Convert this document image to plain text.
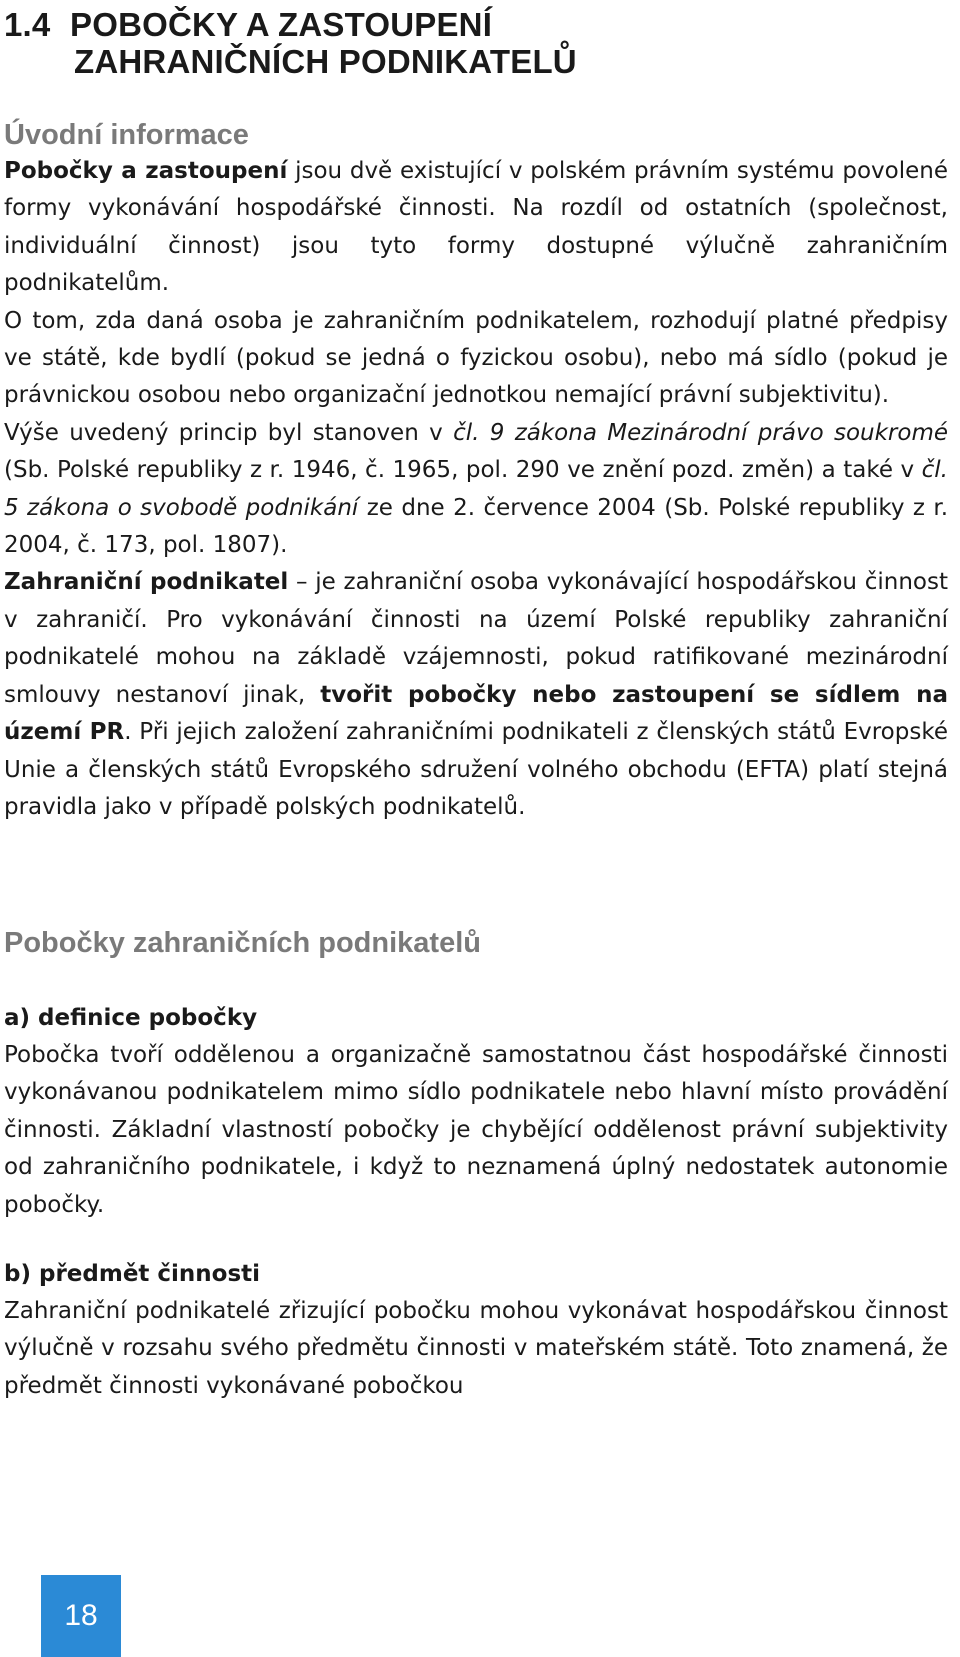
1.4 POBOČKY A ZASTOUPENÍ
ZAHRANIČNÍCH PODNIKATELŮ
Úvodní informace

Pobočky a zastoupení jsou dvě existující v polském právním systému povolené formy vykonávání hospodářské činnosti. Na rozdíl od ostatních (společnost, individuální činnost) jsou tyto formy dostupné výlučně zahraničním podnikatelům.

O tom, zda daná osoba je zahraničním podnikatelem, rozhodují platné předpisy ve státě, kde bydlí (pokud se jedná o fyzickou osobu), nebo má sídlo (pokud je právnickou osobou nebo organizační jednotkou nemající právní subjektivitu).

Výše uvedený princip byl stanoven v čl. 9 zákona Mezinárodní právo soukromé (Sb. Polské republiky z r. 1946, č. 1965, pol. 290 ve znění pozd. změn) a také v čl. 5 zákona o svobodě podnikání ze dne 2. července 2004 (Sb. Polské republiky z r. 2004, č. 173, pol. 1807).

Zahraniční podnikatel – je zahraniční osoba vykonávající hospodářskou činnost v zahraničí. Pro vykonávání činnosti na území Polské republiky zahraniční podnikatelé mohou na základě vzájemnosti, pokud ratifikované mezinárodní smlouvy nestanoví jinak, tvořit pobočky nebo zastoupení se sídlem na území PR. Při jejich založení zahraničními podnikateli z členských států Evropské Unie a členských států Evropského sdružení volného obchodu (EFTA) platí stejná pravidla jako v případě polských podnikatelů.

Pobočky zahraničních podnikatelů
a) definice pobočky

Pobočka tvoří oddělenou a organizačně samostatnou část hospodářské činnosti vykonávanou podnikatelem mimo sídlo podnikatele nebo hlavní místo provádění činnosti. Základní vlastností pobočky je chybějící oddělenost právní subjektivity od zahraničního podnikatele, i když to neznamená úplný nedostatek autonomie pobočky.

b) předmět činnosti

Zahraniční podnikatelé zřizující pobočku mohou vykonávat hospodářskou činnost výlučně v rozsahu svého předmětu činnosti v mateřském státě. Toto znamená, že předmět činnosti vykonávané pobočkou

18
